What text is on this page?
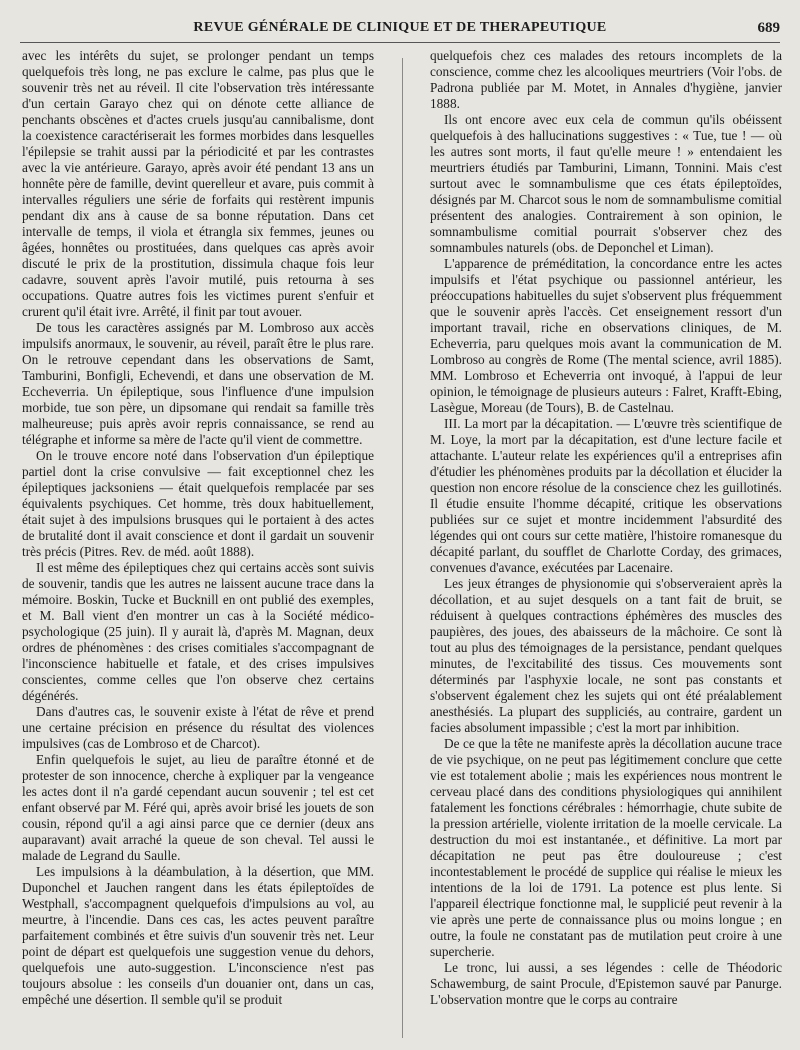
REVUE GÉNÉRALE DE CLINIQUE ET DE THERAPEUTIQUE	689

avec les intérêts du sujet, se prolonger pendant un temps quelquefois très long, ne pas exclure le calme, pas plus que le souvenir très net au réveil. Il cite l'observation très intéressante d'un certain Garayo chez qui on dénote cette alliance de penchants obscènes et d'actes cruels jusqu'au cannibalisme, dont la coexistence caractériserait les formes morbides dans lesquelles l'épilepsie se trahit aussi par la périodicité et par les contrastes avec la vie antérieure. Garayo, après avoir été pendant 13 ans un honnête père de famille, devint querelleur et avare, puis commit à intervalles réguliers une série de forfaits qui restèrent impunis pendant dix ans à cause de sa bonne réputation. Dans cet intervalle de temps, il viola et étrangla six femmes, jeunes ou âgées, honnêtes ou prostituées, dans quelques cas après avoir discuté le prix de la prostitution, dissimula chaque fois leur cadavre, souvent après l'avoir mutilé, puis retourna à ses occupations. Quatre autres fois les victimes purent s'enfuir et crurent qu'il était ivre. Arrêté, il finit par tout avouer.

De tous les caractères assignés par M. Lombroso aux accès impulsifs anormaux, le souvenir, au réveil, paraît être le plus rare. On le retrouve cependant dans les observations de Samt, Tamburini, Bonfigli, Echevendi, et dans une observation de M. Eccheverria. Un épileptique, sous l'influence d'une impulsion morbide, tue son père, un dipsomane qui rendait sa famille très malheureuse; puis après avoir repris connaissance, se rend au télégraphe et informe sa mère de l'acte qu'il vient de commettre.

On le trouve encore noté dans l'observation d'un épileptique partiel dont la crise convulsive — fait exceptionnel chez les épileptiques jacksoniens — était quelquefois remplacée par ses équivalents psychiques. Cet homme, très doux habituellement, était sujet à des impulsions brusques qui le portaient à des actes de brutalité dont il avait conscience et dont il gardait un souvenir très précis (Pitres. Rev. de méd. août 1888).

Il est même des épileptiques chez qui certains accès sont suivis de souvenir, tandis que les autres ne laissent aucune trace dans la mémoire. Boskin, Tucke et Bucknill en ont publié des exemples, et M. Ball vient d'en montrer un cas à la Société médico-psychologique (25 juin). Il y aurait là, d'après M. Magnan, deux ordres de phénomènes : des crises comitiales s'accompagnant de l'inconscience habituelle et fatale, et des crises impulsives conscientes, comme celles que l'on observe chez certains dégénérés.

Dans d'autres cas, le souvenir existe à l'état de rêve et prend une certaine précision en présence du résultat des violences impulsives (cas de Lombroso et de Charcot).

Enfin quelquefois le sujet, au lieu de paraître étonné et de protester de son innocence, cherche à expliquer par la vengeance les actes dont il n'a gardé cependant aucun souvenir ; tel est cet enfant observé par M. Féré qui, après avoir brisé les jouets de son cousin, répond qu'il a agi ainsi parce que ce dernier (deux ans auparavant) avait arraché la queue de son cheval. Tel aussi le malade de Legrand du Saulle.

Les impulsions à la déambulation, à la désertion, que MM. Duponchel et Jauchen rangent dans les états épileptoïdes de Westphall, s'accompagnent quelquefois d'impulsions au vol, au meurtre, à l'incendie. Dans ces cas, les actes peuvent paraître parfaitement combinés et être suivis d'un souvenir très net. Leur point de départ est quelquefois une suggestion venue du dehors, quelquefois une auto-suggestion. L'inconscience n'est pas toujours absolue : les conseils d'un douanier ont, dans un cas, empêché une désertion. Il semble qu'il se produit

quelquefois chez ces malades des retours incomplets de la conscience, comme chez les alcooliques meurtriers (Voir l'obs. de Padrona publiée par M. Motet, in Annales d'hygiène, janvier 1888.

Ils ont encore avec eux cela de commun qu'ils obéissent quelquefois à des hallucinations suggestives : « Tue, tue ! — où les autres sont morts, il faut qu'elle meure ! » entendaient les meurtriers étudiés par Tamburini, Limann, Tonnini. Mais c'est surtout avec le somnambulisme que ces états épileptoïdes, désignés par M. Charcot sous le nom de somnambulisme comitial présentent des analogies. Contrairement à son opinion, le somnambulisme comitial pourrait s'observer chez des somnambules naturels (obs. de Deponchel et Liman).

L'apparence de préméditation, la concordance entre les actes impulsifs et l'état psychique ou passionnel antérieur, les préoccupations habituelles du sujet s'observent plus fréquemment que le souvenir après l'accès. Cet enseignement ressort d'un important travail, riche en observations cliniques, de M. Echeverria, paru quelques mois avant la communication de M. Lombroso au congrès de Rome (The mental science, avril 1885). MM. Lombroso et Echeverria ont invoqué, à l'appui de leur opinion, le témoignage de plusieurs auteurs : Falret, Krafft-Ebing, Lasègue, Moreau (de Tours), B. de Castelnau.

III. La mort par la décapitation. — L'œuvre très scientifique de M. Loye, la mort par la décapitation, est d'une lecture facile et attachante. L'auteur relate les expériences qu'il a entreprises afin d'étudier les phénomènes produits par la décollation et élucider la question non encore résolue de la conscience chez les guillotinés. Il étudie ensuite l'homme décapité, critique les observations publiées sur ce sujet et montre incidemment l'absurdité des légendes qui ont cours sur cette matière, l'histoire romanesque du décapité parlant, du soufflet de Charlotte Corday, des grimaces, convenues d'avance, exécutées par Lacenaire.

Les jeux étranges de physionomie qui s'observeraient après la décollation, et au sujet desquels on a tant fait de bruit, se réduisent à quelques contractions éphémères des muscles des paupières, des joues, des abaisseurs de la mâchoire. Ce sont là tout au plus des témoignages de la persistance, pendant quelques minutes, de l'excitabilité des tissus. Ces mouvements sont déterminés par l'asphyxie locale, ne sont pas constants et s'observent également chez les sujets qui ont été préalablement anesthésiés. La plupart des suppliciés, au contraire, gardent un facies absolument impassible ; c'est la mort par inhibition.

De ce que la tête ne manifeste après la décollation aucune trace de vie psychique, on ne peut pas légitimement conclure que cette vie est totalement abolie ; mais les expériences nous montrent le cerveau placé dans des conditions physiologiques qui annihilent fatalement les fonctions cérébrales : hémorrhagie, chute subite de la pression artérielle, violente irritation de la moelle cervicale. La destruction du moi est instantanée., et définitive. La mort par décapitation ne peut pas être douloureuse ; c'est incontestablement le procédé de supplice qui réalise le mieux les intentions de la loi de 1791. La potence est plus lente. Si l'appareil électrique fonctionne mal, le supplicié peut revenir à la vie après une perte de connaissance plus ou moins longue ; en outre, la foule ne constatant pas de mutilation peut croire à une supercherie.

Le tronc, lui aussi, a ses légendes : celle de Théodoric Schawemburg, de saint Procule, d'Epistemon sauvé par Panurge. L'observation montre que le corps au contraire
